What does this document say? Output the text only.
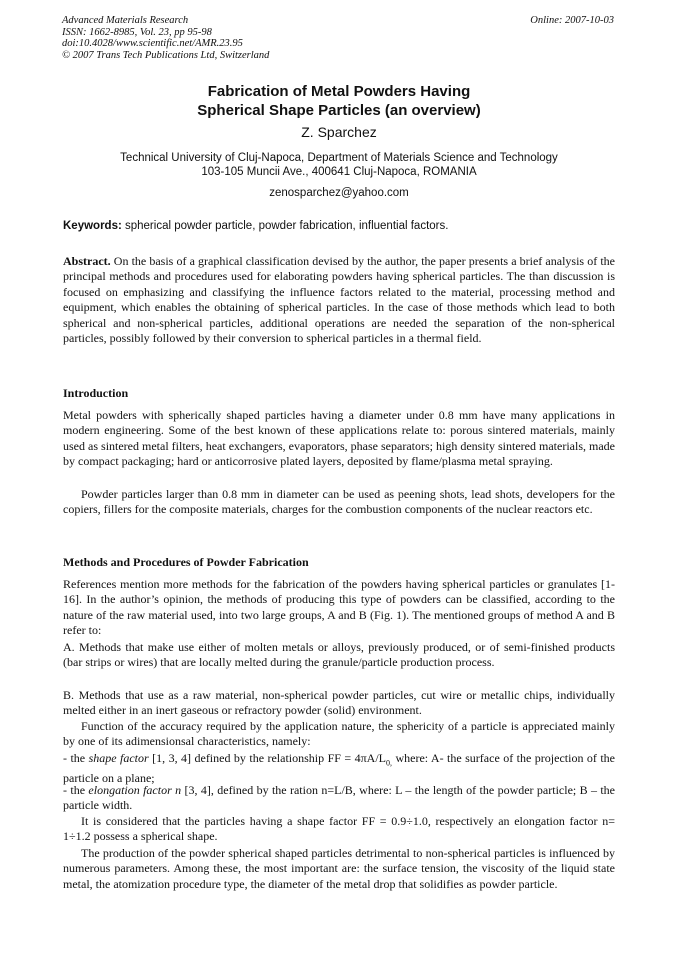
Advanced Materials Research
ISSN: 1662-8985, Vol. 23, pp 95-98
doi:10.4028/www.scientific.net/AMR.23.95
© 2007 Trans Tech Publications Ltd, Switzerland
Online: 2007-10-03
Fabrication of Metal Powders Having
Spherical Shape Particles (an overview)
Z. Sparchez
Technical University of Cluj-Napoca, Department of Materials Science and Technology
103-105 Muncii Ave., 400641 Cluj-Napoca, ROMANIA
zenosparchez@yahoo.com
Keywords: spherical powder particle, powder fabrication, influential factors.
Abstract. On the basis of a graphical classification devised by the author, the paper presents a brief analysis of the principal methods and procedures used for elaborating powders having spherical particles. The than discussion is focused on emphasizing and classifying the influence factors related to the material, processing method and equipment, which enables the obtaining of spherical particles. In the case of those methods which lead to both spherical and non-spherical particles, additional operations are needed the separation of the non-spherical particles, possibly followed by their conversion to spherical particles in a thermal field.
Introduction
Metal powders with spherically shaped particles having a diameter under 0.8 mm have many applications in modern engineering. Some of the best known of these applications relate to: porous sintered materials, mainly used as sintered metal filters, heat exchangers, evaporators, phase separators; high density sintered materials, made by compact packaging; hard or anticorrosive plated layers, deposited by flame/plasma metal spraying.
Powder particles larger than 0.8 mm in diameter can be used as peening shots, lead shots, developers for the copiers, fillers for the composite materials, charges for the combustion components of the nuclear reactors etc.
Methods and Procedures of Powder Fabrication
References mention more methods for the fabrication of the powders having spherical particles or granulates [1-16]. In the author’s opinion, the methods of producing this type of powders can be classified, according to the nature of the raw material used, into two large groups, A and B (Fig. 1). The mentioned groups of method A and B refer to:
A. Methods that make use either of molten metals or alloys, previously produced, or of semi-finished products (bar strips or wires) that are locally melted during the granule/particle production process.
B. Methods that use as a raw material, non-spherical powder particles, cut wire or metallic chips, individually melted either in an inert gaseous or refractory powder (solid) environment.
Function of the accuracy required by the application nature, the sphericity of a particle is appreciated mainly by one of its adimensionsal characteristics, namely:
- the shape factor [1, 3, 4] defined by the relationship FF = $4\pi A/L_{0,}$ where: A- the surface of the projection of the particle on a plane;
- the elongation factor n [3, 4], defined by the ration n=L/B, where: L – the length of the powder particle; B – the particle width.
It is considered that the particles having a shape factor FF = 0.9÷1.0, respectively an elongation factor n= 1÷1.2 possess a spherical shape.
The production of the powder spherical shaped particles detrimental to non-spherical particles is influenced by numerous parameters. Among these, the most important are: the surface tension, the viscosity of the liquid state metal, the atomization procedure type, the diameter of the metal drop that solidifies as powder particle.
